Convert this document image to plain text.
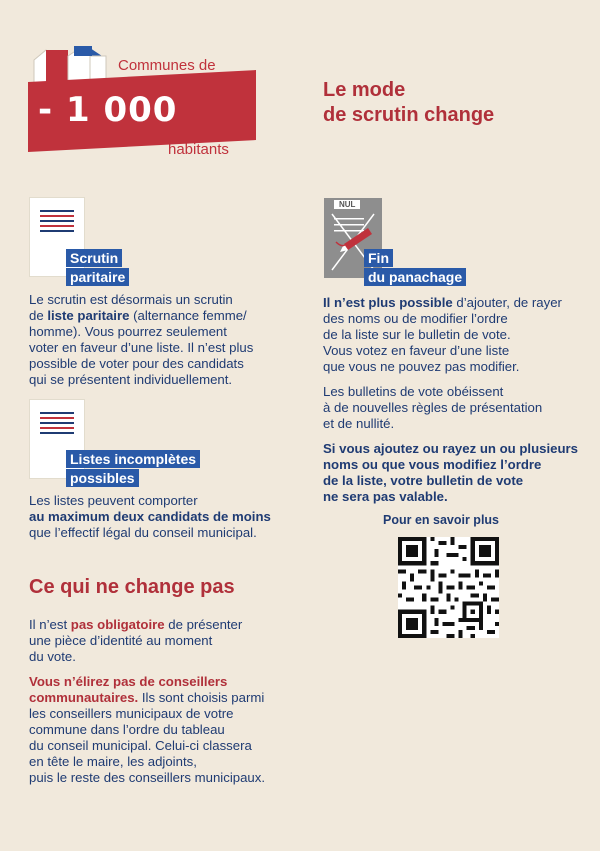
Communes de
- 1 000
habitants
Le mode
de scrutin change
Scrutin
paritaire
Le scrutin est désormais un scrutin
de liste paritaire (alternance femme/
homme). Vous pourrez seulement
voter en faveur d’une liste. Il n’est plus
possible de voter pour des candidats
qui se présentent individuellement.
Listes incomplètes
possibles
Les listes peuvent comporter
au maximum deux candidats de moins
que l’effectif légal du conseil municipal.
NUL
Fin
du panachage
Il n’est plus possible d’ajouter, de rayer
des noms ou de modifier l’ordre
de la liste sur le bulletin de vote.
Vous votez en faveur d’une liste
que vous ne pouvez pas modifier.
Les bulletins de vote obéissent
à de nouvelles règles de présentation
et de nullité.
Si vous ajoutez ou rayez un ou plusieurs
noms ou que vous modifiez l’ordre
de la liste, votre bulletin de vote
ne sera pas valable.
Pour en savoir plus
Ce qui ne change pas
Il n’est pas obligatoire de présenter
une pièce d’identité au moment
du vote.
Vous n’élirez pas de conseillers
communautaires. Ils sont choisis parmi
les conseillers municipaux de votre
commune dans l’ordre du tableau
du conseil municipal. Celui-ci classera
en tête le maire, les adjoints,
puis le reste des conseillers municipaux.
